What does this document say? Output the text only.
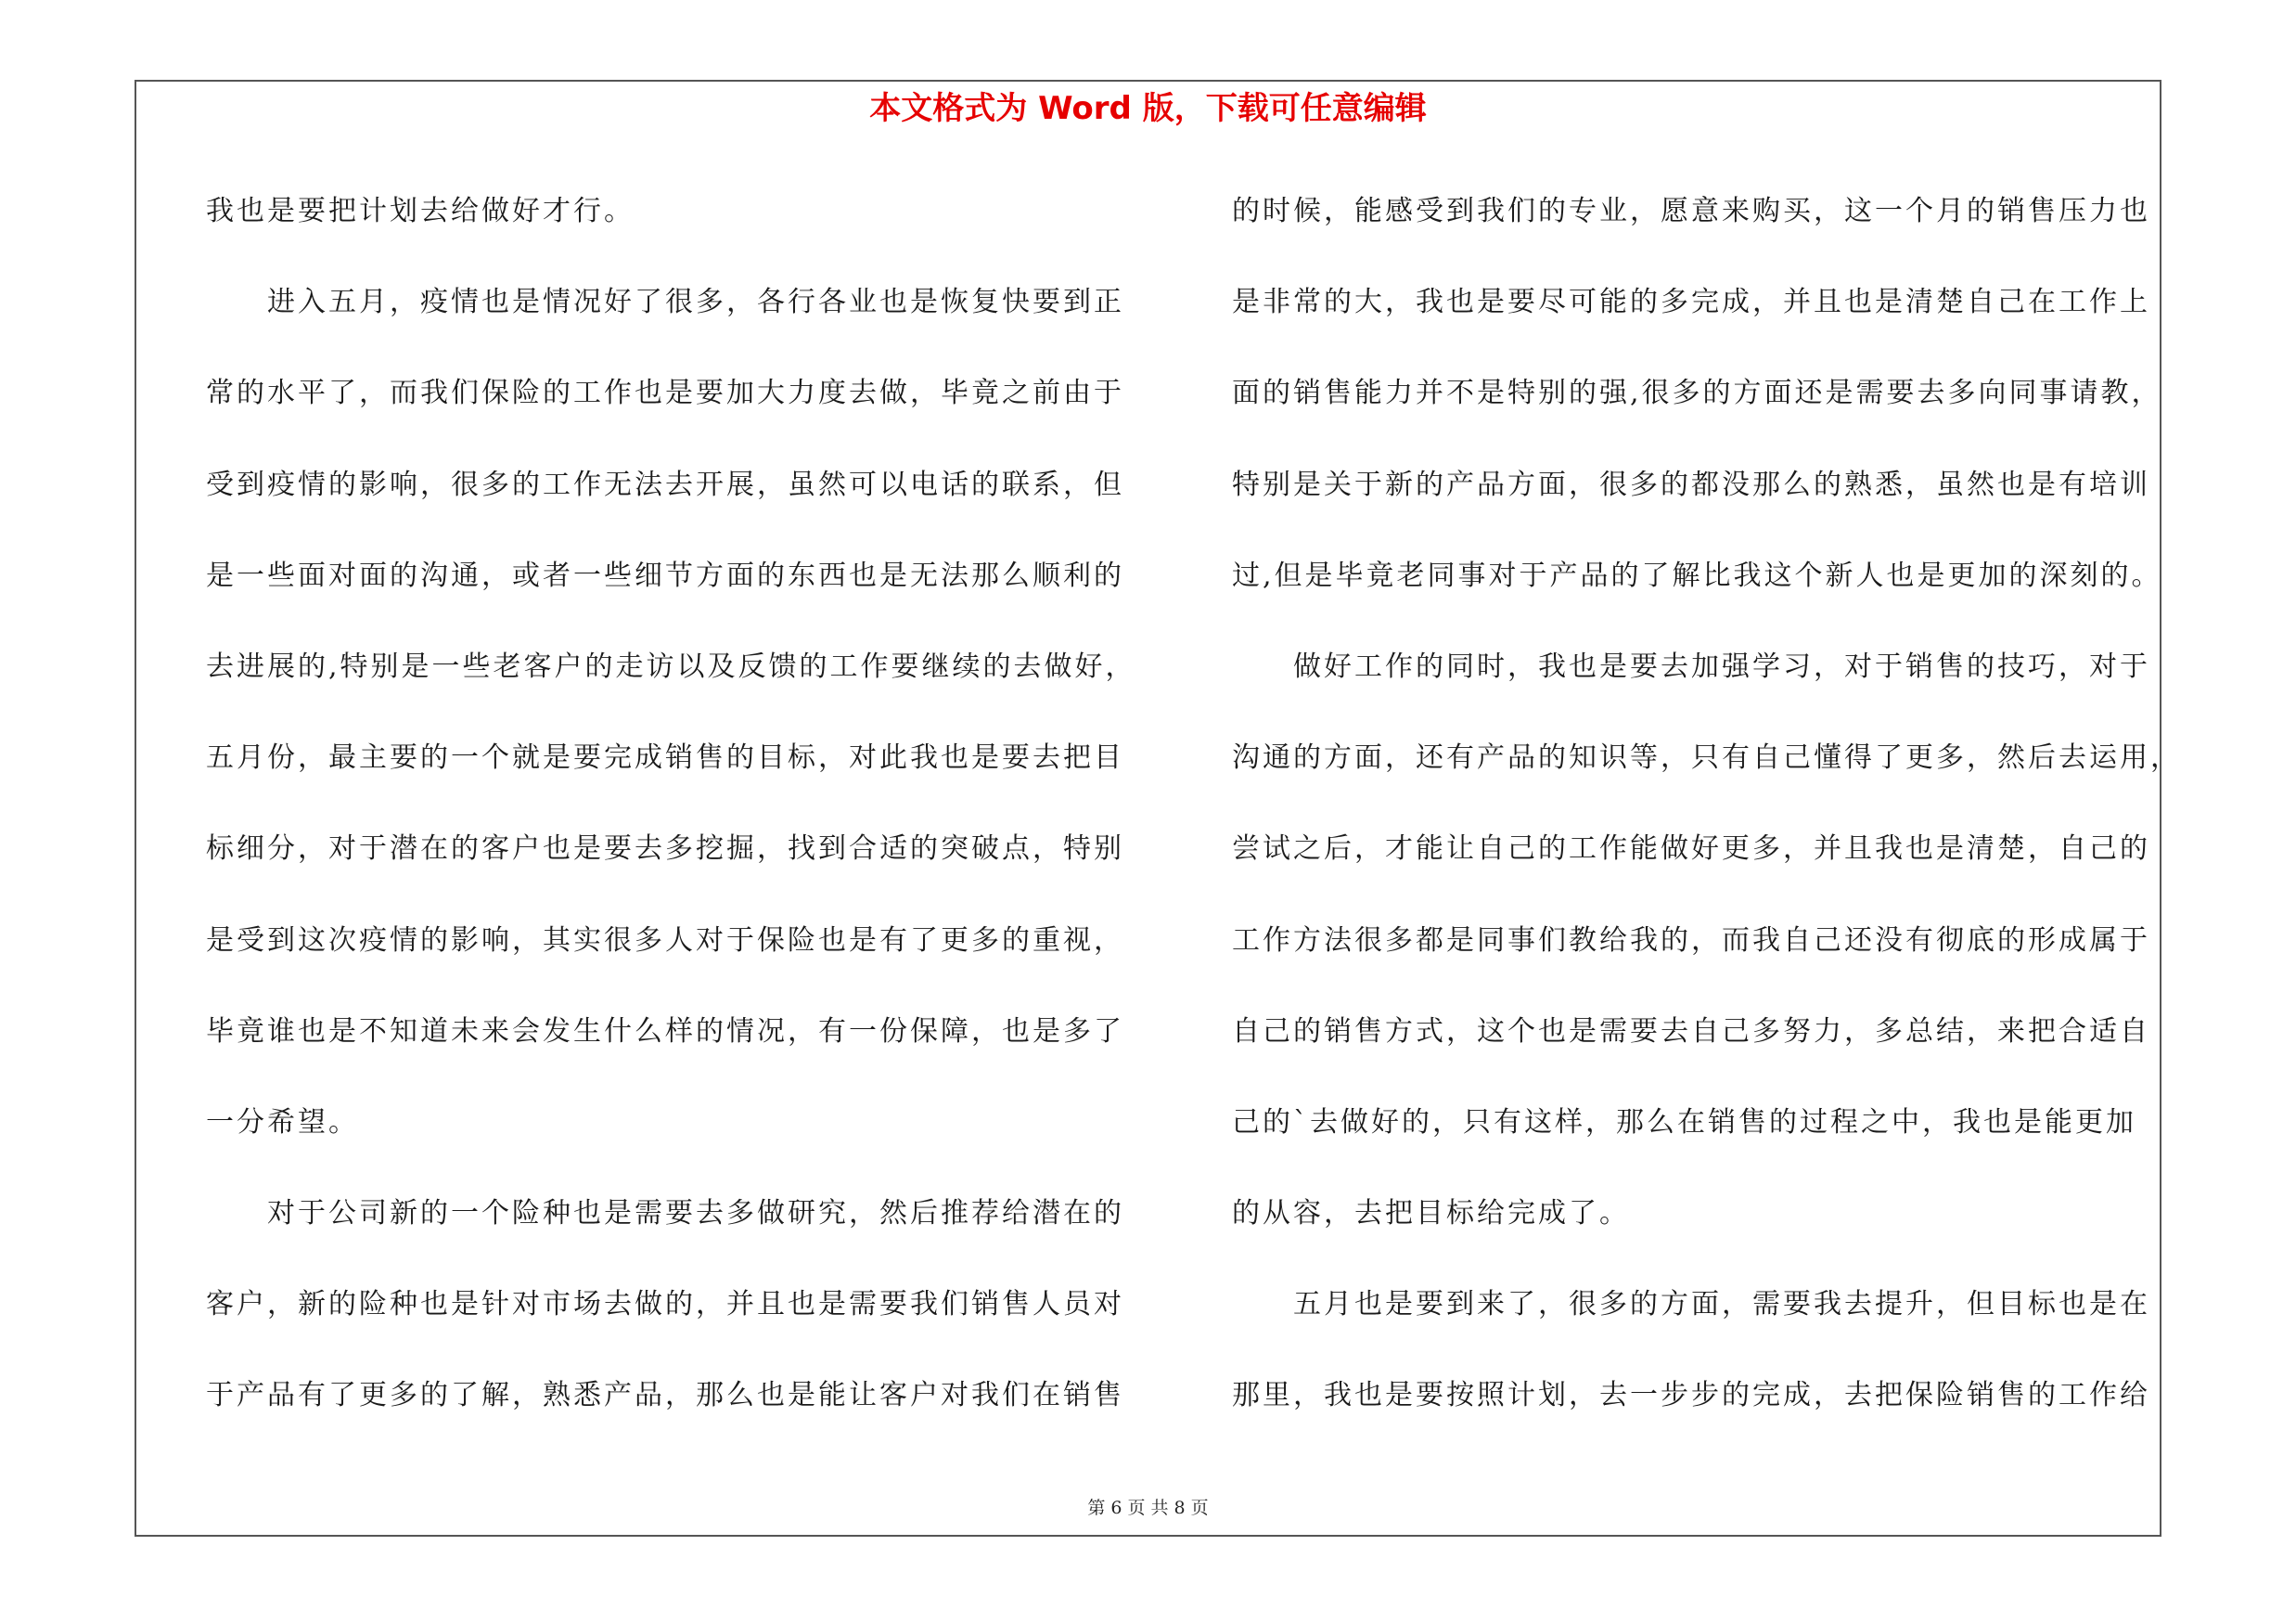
本文格式为 Word 版，下载可任意编辑
我也是要把计划去给做好才行。
　　进入五月，疫情也是情况好了很多，各行各业也是恢复快要到正
常的水平了，而我们保险的工作也是要加大力度去做，毕竟之前由于
受到疫情的影响，很多的工作无法去开展，虽然可以电话的联系，但
是一些面对面的沟通，或者一些细节方面的东西也是无法那么顺利的
去进展的,特别是一些老客户的走访以及反馈的工作要继续的去做好，
五月份，最主要的一个就是要完成销售的目标，对此我也是要去把目
标细分，对于潜在的客户也是要去多挖掘，找到合适的突破点，特别
是受到这次疫情的影响，其实很多人对于保险也是有了更多的重视，
毕竟谁也是不知道未来会发生什么样的情况，有一份保障，也是多了
一分希望。
　　对于公司新的一个险种也是需要去多做研究，然后推荐给潜在的
客户，新的险种也是针对市场去做的，并且也是需要我们销售人员对
于产品有了更多的了解，熟悉产品，那么也是能让客户对我们在销售
的时候，能感受到我们的专业，愿意来购买，这一个月的销售压力也
是非常的大，我也是要尽可能的多完成，并且也是清楚自己在工作上
面的销售能力并不是特别的强,很多的方面还是需要去多向同事请教，
特别是关于新的产品方面，很多的都没那么的熟悉，虽然也是有培训
过,但是毕竟老同事对于产品的了解比我这个新人也是更加的深刻的。
　　做好工作的同时，我也是要去加强学习，对于销售的技巧，对于
沟通的方面，还有产品的知识等，只有自己懂得了更多，然后去运用，
尝试之后，才能让自己的工作能做好更多，并且我也是清楚，自己的
工作方法很多都是同事们教给我的，而我自己还没有彻底的形成属于
自己的销售方式，这个也是需要去自己多努力，多总结，来把合适自
己的`去做好的，只有这样，那么在销售的过程之中，我也是能更加
的从容，去把目标给完成了。
　　五月也是要到来了，很多的方面，需要我去提升，但目标也是在
那里，我也是要按照计划，去一步步的完成，去把保险销售的工作给
第 6 页 共 8 页
